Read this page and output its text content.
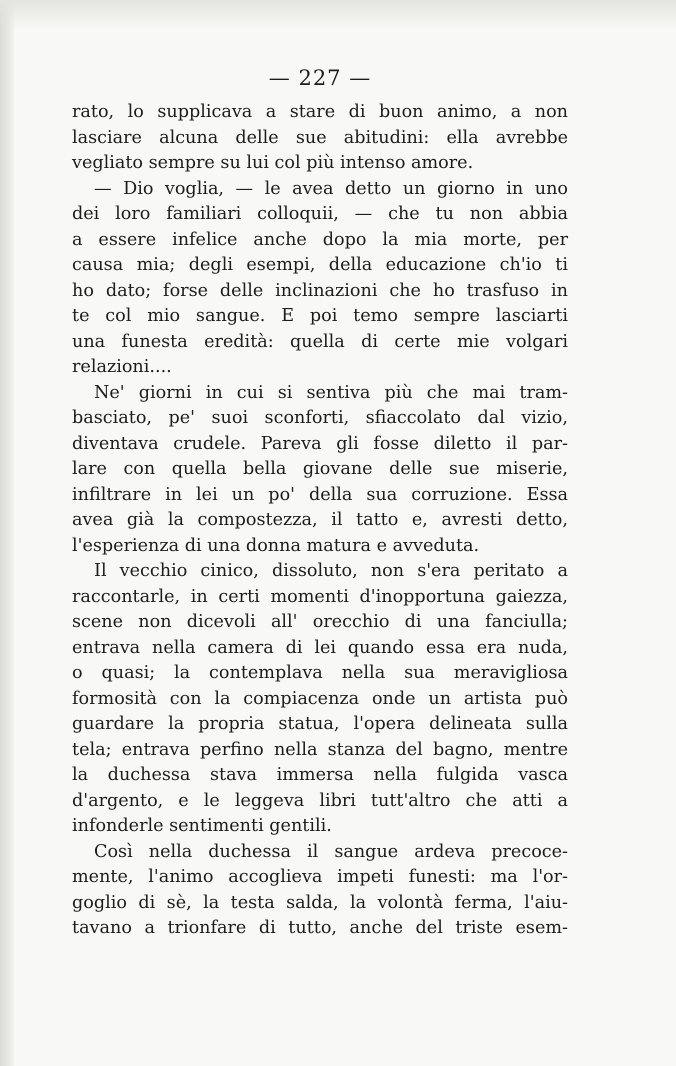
— 227 —
rato, lo supplicava a stare di buon animo, a non
lasciare alcuna delle sue abitudini: ella avrebbe
vegliato sempre su lui col più intenso amore.
— Dio voglia, — le avea detto un giorno in uno
dei loro familiari colloquii, — che tu non abbia
a essere infelice anche dopo la mia morte, per
causa mia; degli esempi, della educazione ch'io ti
ho dato; forse delle inclinazioni che ho trasfuso in
te col mio sangue. E poi temo sempre lasciarti
una funesta eredità: quella di certe mie volgari
relazioni....
Ne' giorni in cui si sentiva più che mai tram-
basciato, pe' suoi sconforti, sfiaccolato dal vizio,
diventava crudele. Pareva gli fosse diletto il par-
lare con quella bella giovane delle sue miserie,
infiltrare in lei un po' della sua corruzione. Essa
avea già la compostezza, il tatto e, avresti detto,
l'esperienza di una donna matura e avveduta.
Il vecchio cinico, dissoluto, non s'era peritato a
raccontarle, in certi momenti d'inopportuna gaiezza,
scene non dicevoli all' orecchio di una fanciulla;
entrava nella camera di lei quando essa era nuda,
o quasi; la contemplava nella sua meravigliosa
formosità con la compiacenza onde un artista può
guardare la propria statua, l'opera delineata sulla
tela; entrava perfino nella stanza del bagno, mentre
la duchessa stava immersa nella fulgida vasca
d'argento, e le leggeva libri tutt'altro che atti a
infonderle sentimenti gentili.
Così nella duchessa il sangue ardeva precoce-
mente, l'animo accoglieva impeti funesti: ma l'or-
goglio di sè, la testa salda, la volontà ferma, l'aiu-
tavano a trionfare di tutto, anche del triste esem-
